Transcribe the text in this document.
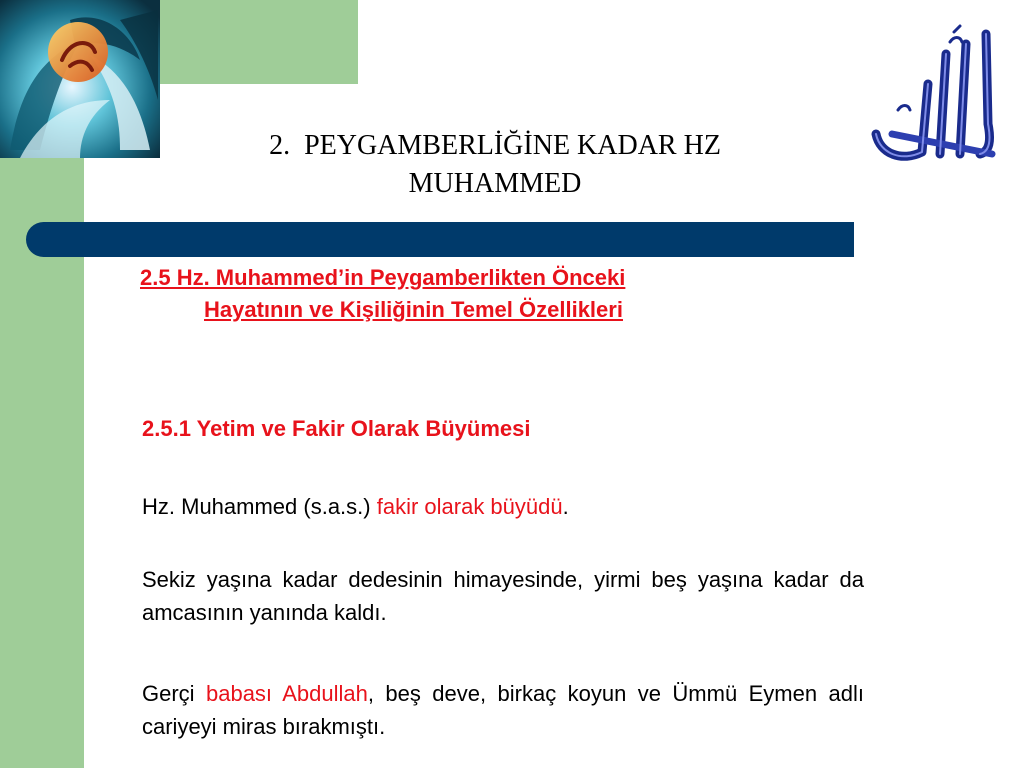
2. PEYGAMBERLİĞİNE KADAR HZ
MUHAMMED
2.5 Hz. Muhammed’in Peygamberlikten Önceki
Hayatının ve Kişiliğinin Temel Özellikleri
2.5.1 Yetim ve Fakir Olarak Büyümesi
Hz. Muhammed (s.a.s.) fakir olarak büyüdü.
Sekiz yaşına kadar dedesinin himayesinde, yirmi beş yaşına kadar da amcasının yanında kaldı.
Gerçi babası Abdullah, beş deve, birkaç koyun ve Ümmü Eymen adlı cariyeyi miras bırakmıştı.
